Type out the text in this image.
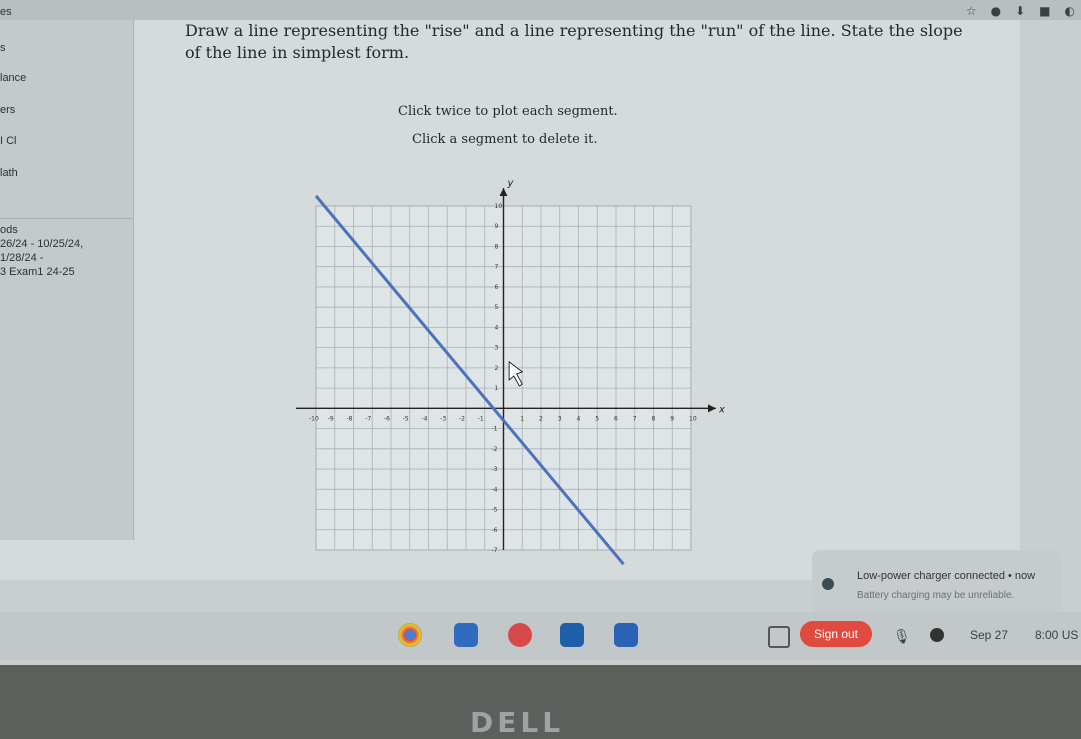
☆ ● ⬇ ■ ◐
es
s
lance
ers
I Cl
lath
ods
26/24 - 10/25/24,
1/28/24 -
3 Exam1 24-25
Draw a line representing the "rise" and a line representing the "run" of the line. State the slope
of the line in simplest form.
Click twice to plot each segment.
Click a segment to delete it.
x
y
-10 -9 -8 -7 -6 -5 -4 -3 -2 -1	1 2 3 4 5 6 7 8 9 10
10
9
8
7
6
5
4
3
2
1
-1
-2
-3
-4
-5
-6
-7
Low-power charger connected • now
Battery charging may be unreliable.
Sign out	🎙	Sep 27 8:00 US
DELL
